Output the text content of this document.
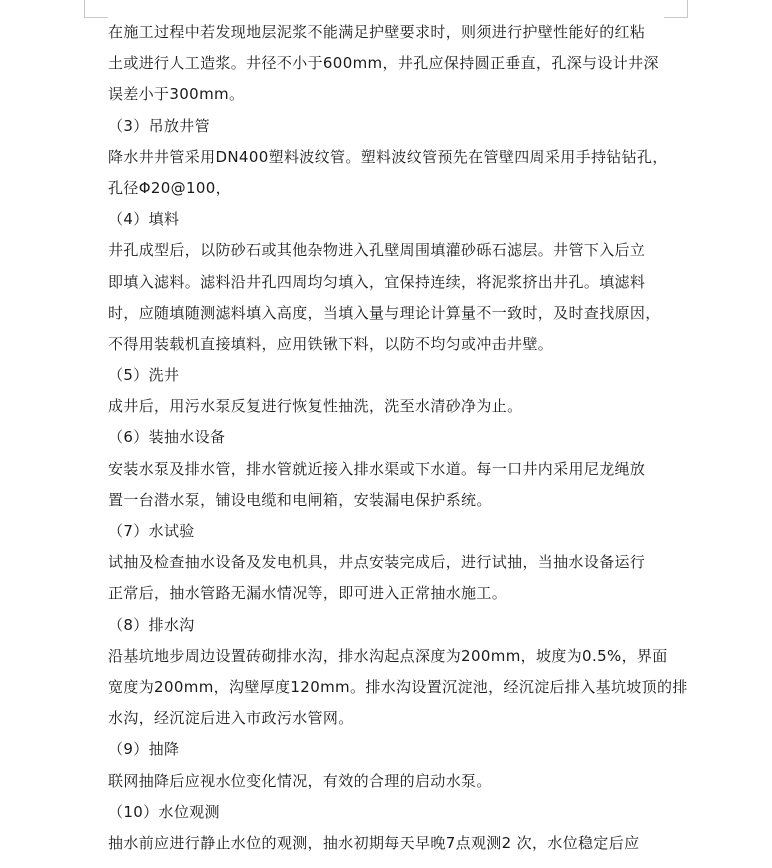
在施工过程中若发现地层泥浆不能满足护壁要求时，则须进行护壁性能好的红粘
土或进行人工造浆。井径不小于600mm，井孔应保持圆正垂直，孔深与设计井深
误差小于300mm。
（3）吊放井管
降水井井管采用DN400塑料波纹管。塑料波纹管预先在管壁四周采用手持钻钻孔，
孔径Φ20@100，
（4）填料
井孔成型后，以防砂石或其他杂物进入孔壁周围填灌砂砾石滤层。井管下入后立
即填入滤料。滤料沿井孔四周均匀填入，宜保持连续，将泥浆挤出井孔。填滤料
时，应随填随测滤料填入高度，当填入量与理论计算量不一致时，及时查找原因，
不得用装载机直接填料，应用铁锹下料，以防不均匀或冲击井壁。
（5）洗井
成井后，用污水泵反复进行恢复性抽洗，洗至水清砂净为止。
（6）装抽水设备
安装水泵及排水管，排水管就近接入排水渠或下水道。每一口井内采用尼龙绳放
置一台潜水泵，铺设电缆和电闸箱，安装漏电保护系统。
（7）水试验
试抽及检查抽水设备及发电机具，井点安装完成后，进行试抽，当抽水设备运行
正常后，抽水管路无漏水情况等，即可进入正常抽水施工。
（8）排水沟
沿基坑地步周边设置砖砌排水沟，排水沟起点深度为200mm，坡度为0.5%，界面
宽度为200mm，沟壁厚度120mm。排水沟设置沉淀池，经沉淀后排入基坑坡顶的排
水沟，经沉淀后进入市政污水管网。
（9）抽降
联网抽降后应视水位变化情况，有效的合理的启动水泵。
（10）水位观测
抽水前应进行静止水位的观测，抽水初期每天早晚7点观测2 次，水位稳定后应
